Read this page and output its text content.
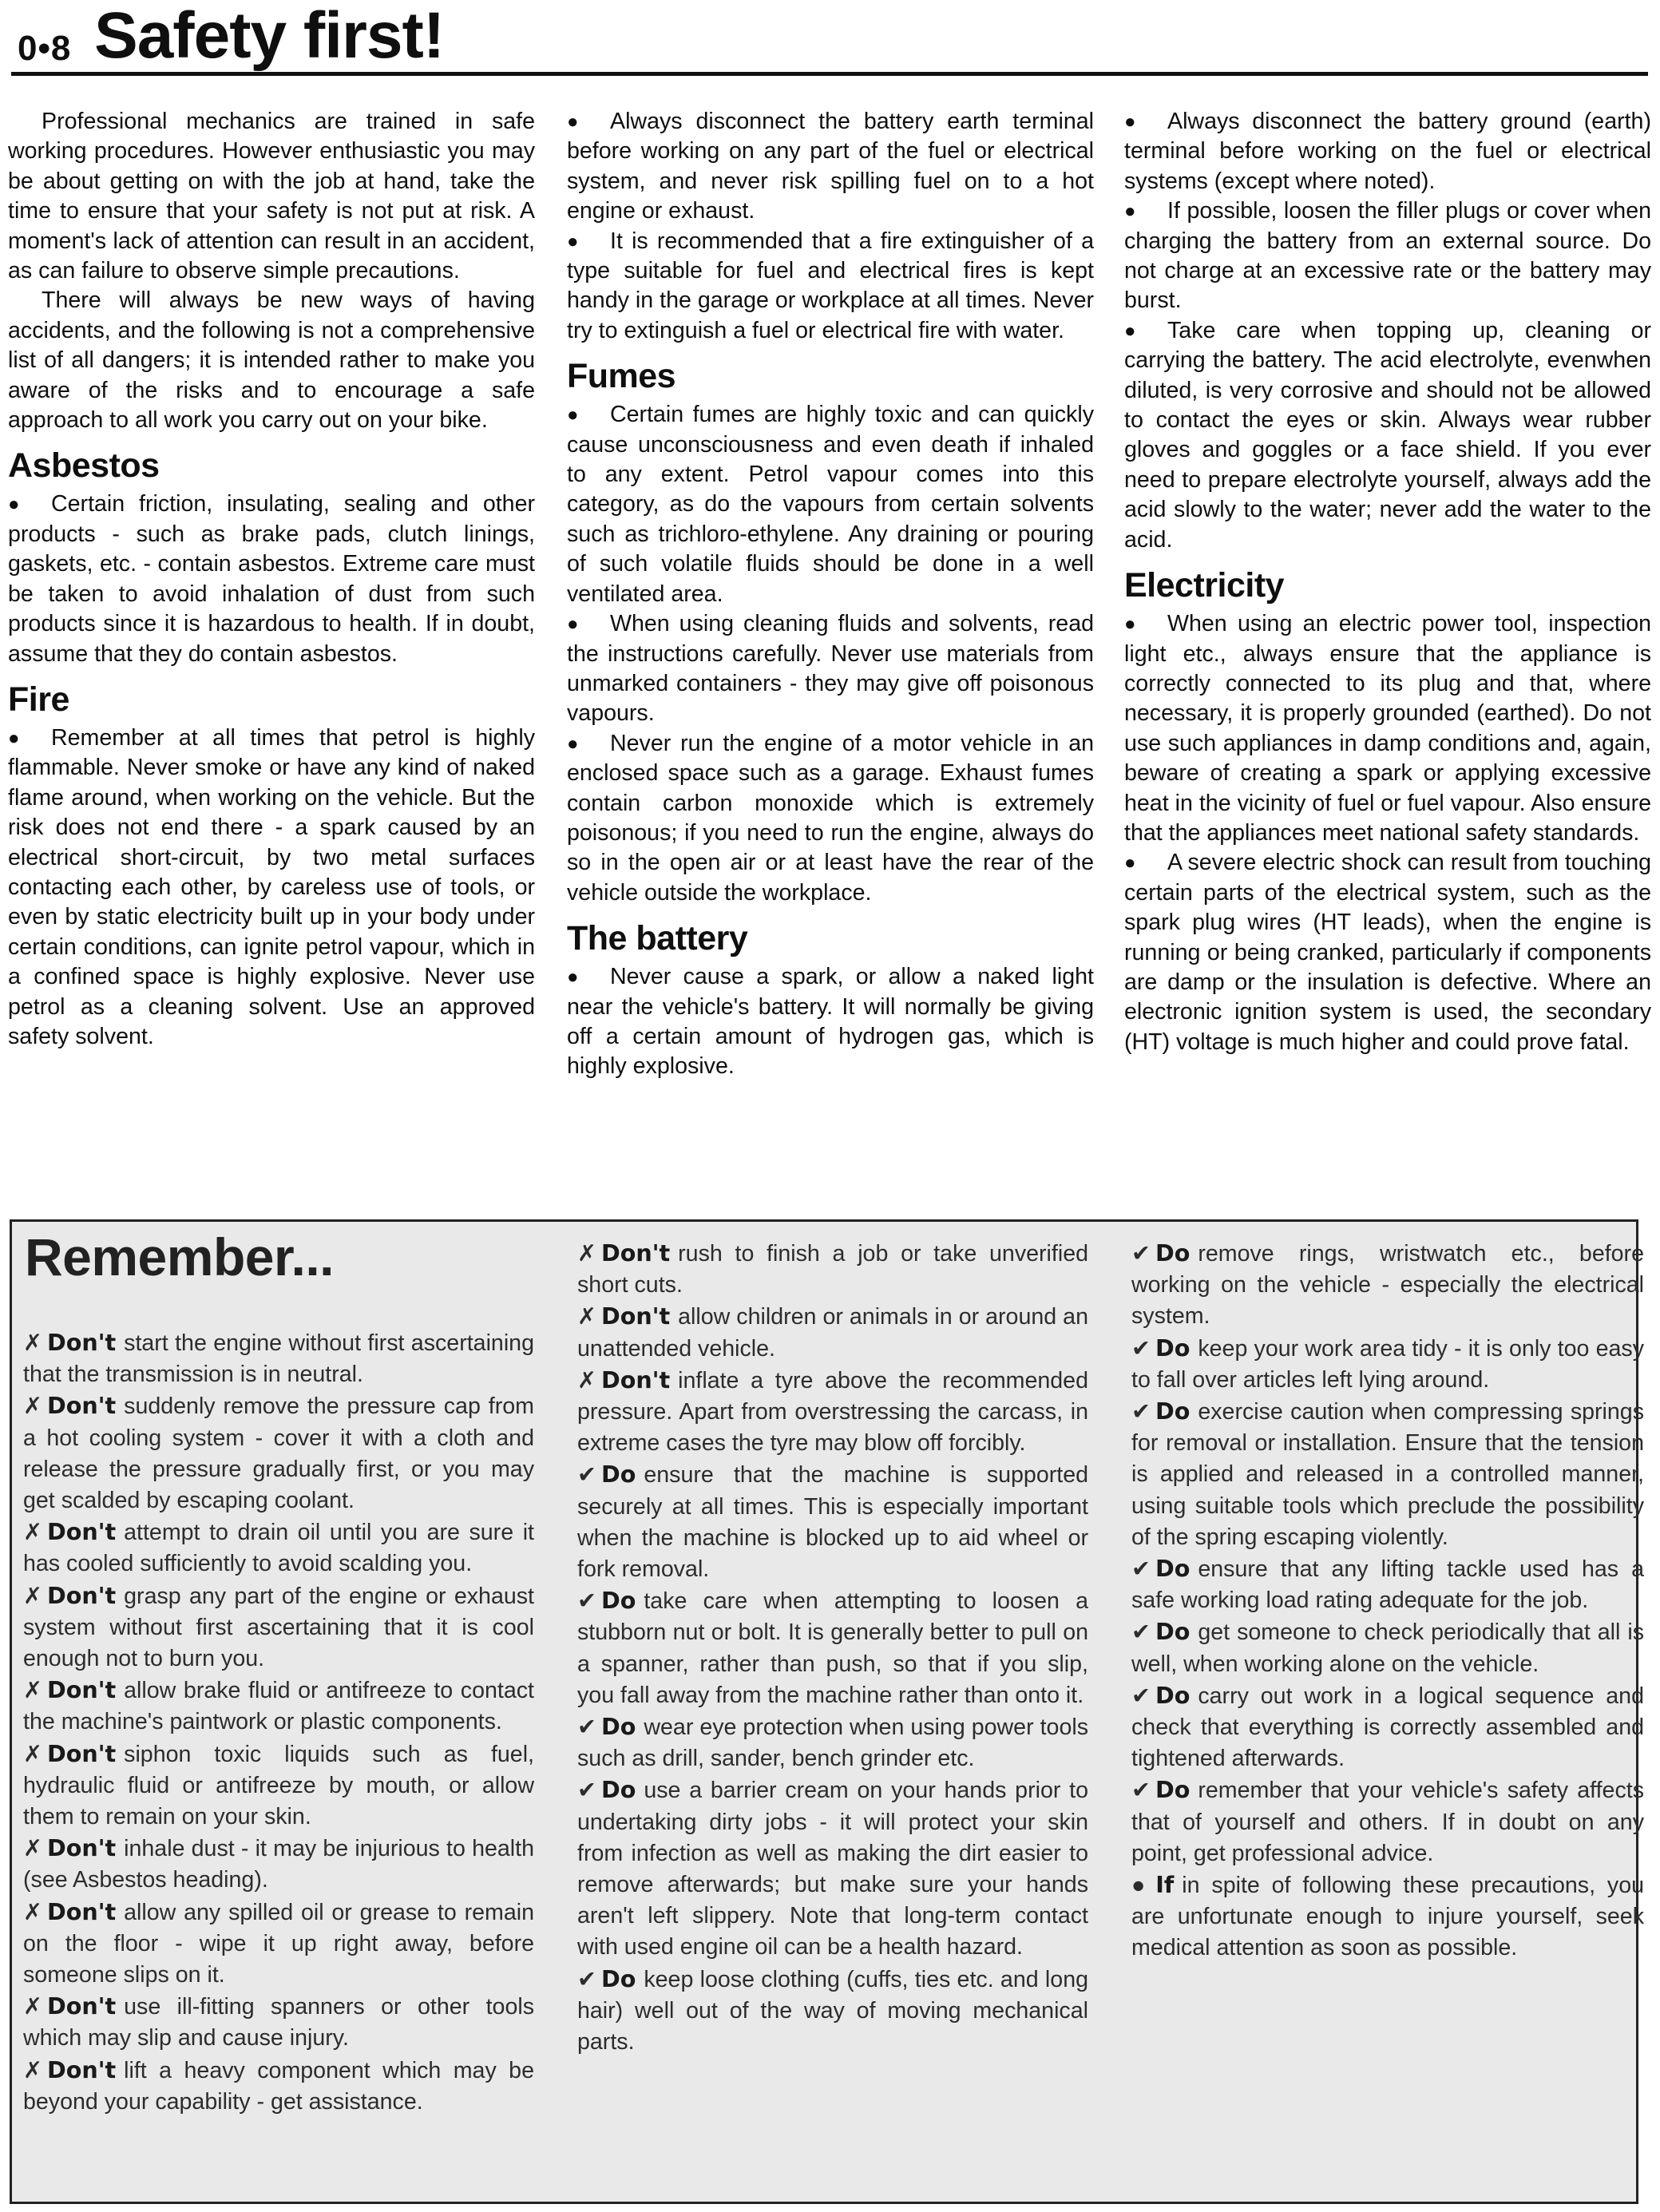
0•8 Safety first!

Professional mechanics are trained in safe working procedures. However enthusiastic you may be about getting on with the job at hand, take the time to ensure that your safety is not put at risk. A moment's lack of attention can result in an accident, as can failure to observe simple precautions.

There will always be new ways of having accidents, and the following is not a comprehensive list of all dangers; it is intended rather to make you aware of the risks and to encourage a safe approach to all work you carry out on your bike.

Asbestos

● Certain friction, insulating, sealing and other products - such as brake pads, clutch linings, gaskets, etc. - contain asbestos. Extreme care must be taken to avoid inhalation of dust from such products since it is hazardous to health. If in doubt, assume that they do contain asbestos.

Fire

● Remember at all times that petrol is highly flammable. Never smoke or have any kind of naked flame around, when working on the vehicle. But the risk does not end there - a spark caused by an electrical short-circuit, by two metal surfaces contacting each other, by careless use of tools, or even by static electricity built up in your body under certain conditions, can ignite petrol vapour, which in a confined space is highly explosive. Never use petrol as a cleaning solvent. Use an approved safety solvent.

● Always disconnect the battery earth terminal before working on any part of the fuel or electrical system, and never risk spilling fuel on to a hot engine or exhaust.

● It is recommended that a fire extinguisher of a type suitable for fuel and electrical fires is kept handy in the garage or workplace at all times. Never try to extinguish a fuel or electrical fire with water.

Fumes

● Certain fumes are highly toxic and can quickly cause unconsciousness and even death if inhaled to any extent. Petrol vapour comes into this category, as do the vapours from certain solvents such as trichloro-ethylene. Any draining or pouring of such volatile fluids should be done in a well ventilated area.

● When using cleaning fluids and solvents, read the instructions carefully. Never use materials from unmarked containers - they may give off poisonous vapours.

● Never run the engine of a motor vehicle in an enclosed space such as a garage. Exhaust fumes contain carbon monoxide which is extremely poisonous; if you need to run the engine, always do so in the open air or at least have the rear of the vehicle outside the workplace.

The battery

● Never cause a spark, or allow a naked light near the vehicle's battery. It will normally be giving off a certain amount of hydrogen gas, which is highly explosive.

● Always disconnect the battery ground (earth) terminal before working on the fuel or electrical systems (except where noted).

● If possible, loosen the filler plugs or cover when charging the battery from an external source. Do not charge at an excessive rate or the battery may burst.

● Take care when topping up, cleaning or carrying the battery. The acid electrolyte, evenwhen diluted, is very corrosive and should not be allowed to contact the eyes or skin. Always wear rubber gloves and goggles or a face shield. If you ever need to prepare electrolyte yourself, always add the acid slowly to the water; never add the water to the acid.

Electricity

● When using an electric power tool, inspection light etc., always ensure that the appliance is correctly connected to its plug and that, where necessary, it is properly grounded (earthed). Do not use such appliances in damp conditions and, again, beware of creating a spark or applying excessive heat in the vicinity of fuel or fuel vapour. Also ensure that the appliances meet national safety standards.

● A severe electric shock can result from touching certain parts of the electrical system, such as the spark plug wires (HT leads), when the engine is running or being cranked, particularly if components are damp or the insulation is defective. Where an electronic ignition system is used, the secondary (HT) voltage is much higher and could prove fatal.

Remember...

✗ Don't start the engine without first ascertaining that the transmission is in neutral.

✗ Don't suddenly remove the pressure cap from a hot cooling system - cover it with a cloth and release the pressure gradually first, or you may get scalded by escaping coolant.

✗ Don't attempt to drain oil until you are sure it has cooled sufficiently to avoid scalding you.

✗ Don't grasp any part of the engine or exhaust system without first ascertaining that it is cool enough not to burn you.

✗ Don't allow brake fluid or antifreeze to contact the machine's paintwork or plastic components.

✗ Don't siphon toxic liquids such as fuel, hydraulic fluid or antifreeze by mouth, or allow them to remain on your skin.

✗ Don't inhale dust - it may be injurious to health (see Asbestos heading).

✗ Don't allow any spilled oil or grease to remain on the floor - wipe it up right away, before someone slips on it.

✗ Don't use ill-fitting spanners or other tools which may slip and cause injury.

✗ Don't lift a heavy component which may be beyond your capability - get assistance.

✗ Don't rush to finish a job or take unverified short cuts.

✗ Don't allow children or animals in or around an unattended vehicle.

✗ Don't inflate a tyre above the recommended pressure. Apart from overstressing the carcass, in extreme cases the tyre may blow off forcibly.

✔ Do ensure that the machine is supported securely at all times. This is especially important when the machine is blocked up to aid wheel or fork removal.

✔ Do take care when attempting to loosen a stubborn nut or bolt. It is generally better to pull on a spanner, rather than push, so that if you slip, you fall away from the machine rather than onto it.

✔ Do wear eye protection when using power tools such as drill, sander, bench grinder etc.

✔ Do use a barrier cream on your hands prior to undertaking dirty jobs - it will protect your skin from infection as well as making the dirt easier to remove afterwards; but make sure your hands aren't left slippery. Note that long-term contact with used engine oil can be a health hazard.

✔ Do keep loose clothing (cuffs, ties etc. and long hair) well out of the way of moving mechanical parts.

✔ Do remove rings, wristwatch etc., before working on the vehicle - especially the electrical system.

✔ Do keep your work area tidy - it is only too easy to fall over articles left lying around.

✔ Do exercise caution when compressing springs for removal or installation. Ensure that the tension is applied and released in a controlled manner, using suitable tools which preclude the possibility of the spring escaping violently.

✔ Do ensure that any lifting tackle used has a safe working load rating adequate for the job.

✔ Do get someone to check periodically that all is well, when working alone on the vehicle.

✔ Do carry out work in a logical sequence and check that everything is correctly assembled and tightened afterwards.

✔ Do remember that your vehicle's safety affects that of yourself and others. If in doubt on any point, get professional advice.

● If in spite of following these precautions, you are unfortunate enough to injure yourself, seek medical attention as soon as possible.
